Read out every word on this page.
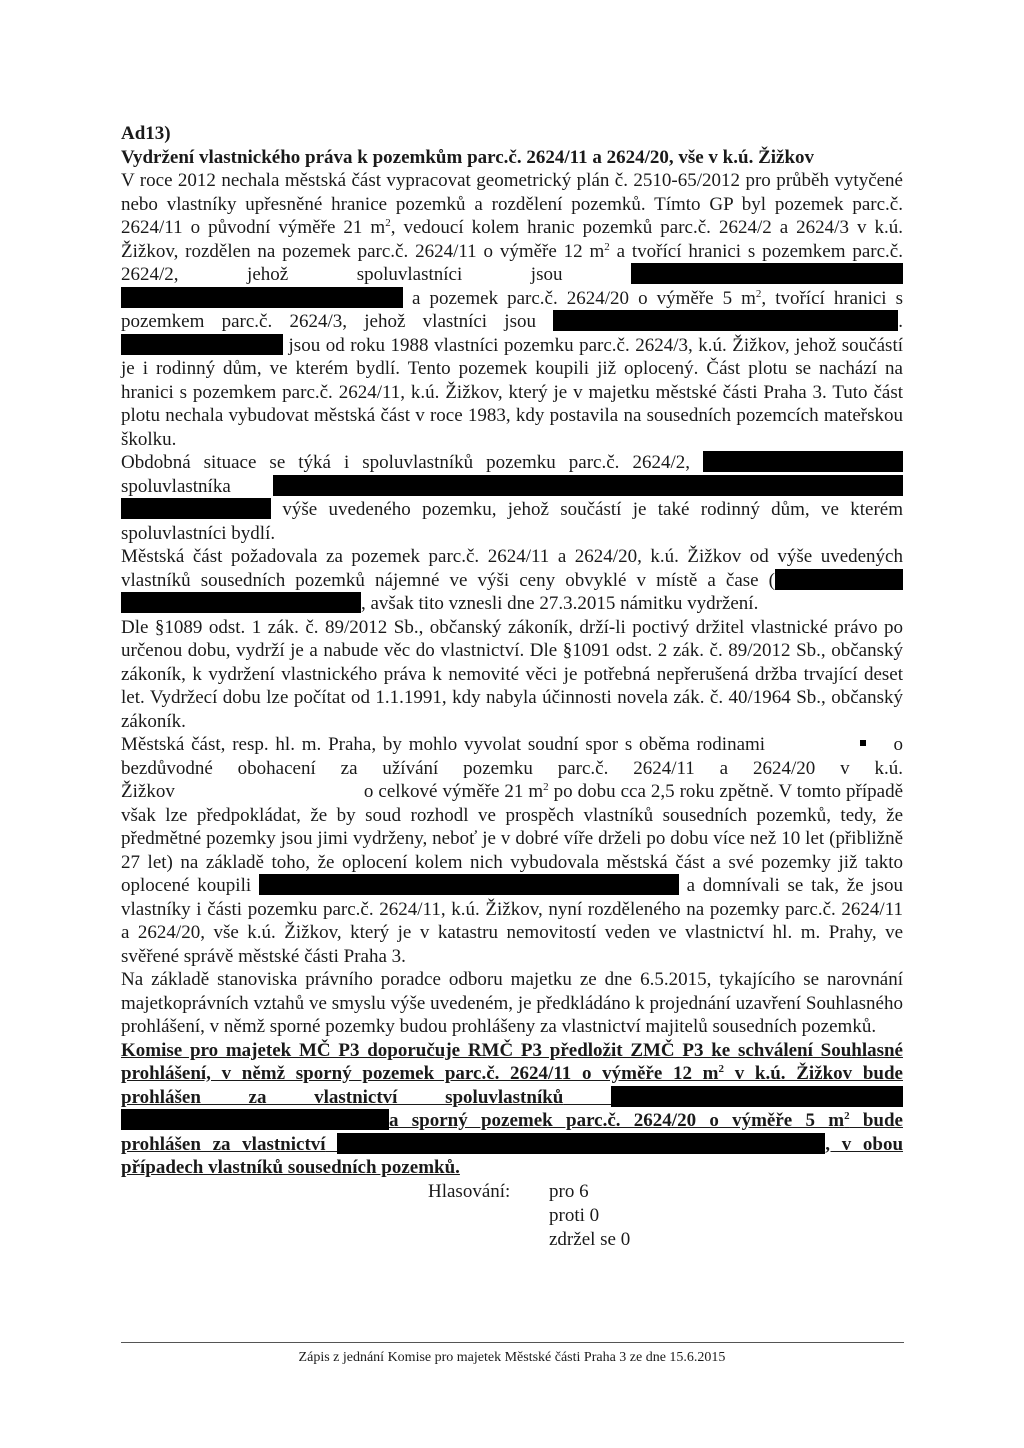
Ad13)

Vydržení vlastnického práva k pozemkům parc.č. 2624/11 a 2624/20, vše v k.ú. Žižkov

V roce 2012 nechala městská část vypracovat geometrický plán č. 2510-65/2012 pro průběh vytyčené nebo vlastníky upřesněné hranice pozemků a rozdělení pozemků. Tímto GP byl pozemek parc.č. 2624/11 o původní výměře 21 $m^2$, vedoucí kolem hranic pozemků parc.č. 2624/2 a 2624/3 v k.ú. Žižkov, rozdělen na pozemek parc.č. 2624/11 o výměře 12 $m^2$ a tvořící hranici s pozemkem parc.č. 2624/2, jehož spoluvlastníci jsou   a pozemek parc.č. 2624/20 o výměře 5 $m^2$, tvořící hranici s pozemkem parc.č. 2624/3, jehož vlastníci jsou	.  jsou od roku 1988 vlastníci pozemku parc.č. 2624/3, k.ú. Žižkov, jehož součástí je i rodinný dům, ve kterém bydlí. Tento pozemek koupili již oplocený. Část plotu se nachází na hranici s pozemkem parc.č. 2624/11, k.ú. Žižkov, který je v majetku městské části Praha 3. Tuto část plotu nechala vybudovat městská část v roce 1983, kdy postavila na sousedních pozemcích mateřskou školku.

Obdobná situace se týká i spoluvlastníků pozemku parc.č. 2624/2,  spoluvlastníka   výše uvedeného pozemku, jehož součástí je také rodinný dům, ve kterém spoluvlastníci bydlí.

Městská část požadovala za pozemek parc.č. 2624/11 a 2624/20, k.ú. Žižkov od výše uvedených vlastníků sousedních pozemků nájemné ve výši ceny obvyklé v místě a čase ( , avšak tito vznesli dne 27.3.2015 námitku vydržení.

Dle §1089 odst. 1 zák. č. 89/2012 Sb., občanský zákoník, drží-li poctivý držitel vlastnické právo po určenou dobu, vydrží je a nabude věc do vlastnictví. Dle §1091 odst. 2 zák. č. 89/2012 Sb., občanský zákoník, k vydržení vlastnického práva k nemovité věci je potřebná nepřerušená držba trvající deset let. Vydržecí dobu lze počítat od 1.1.1991, kdy nabyla účinnosti novela zák. č. 40/1964 Sb., občanský zákoník.

Městská část, resp. hl. m. Praha, by mohlo vyvolat soudní spor s oběma rodinami	o bezdůvodné obohacení za užívání pozemku parc.č. 2624/11 a 2624/20 v k.ú. Žižkov	o celkové výměře 21 $m^2$ po dobu cca 2,5 roku zpětně. V tomto případě však lze předpokládat, že by soud rozhodl ve prospěch vlastníků sousedních pozemků, tedy, že předmětné pozemky jsou jimi vydrženy, neboť je v dobré víře drželi po dobu více než 10 let (přibližně 27 let) na základě toho, že oplocení kolem nich vybudovala městská část a své pozemky již takto oplocené koupili	a domnívali se tak, že jsou vlastníky i části pozemku parc.č. 2624/11, k.ú. Žižkov, nyní rozděleného na pozemky parc.č. 2624/11 a 2624/20, vše k.ú. Žižkov, který je v katastru nemovitostí veden ve vlastnictví hl. m. Prahy, ve svěřené správě městské části Praha 3.

Na základě stanoviska právního poradce odboru majetku ze dne 6.5.2015, tykajícího se narovnání majetkoprávních vztahů ve smyslu výše uvedeném, je předkládáno k projednání uzavření Souhlasného prohlášení, v němž sporné pozemky budou prohlášeny za vlastnictví majitelů sousedních pozemků.

Komise pro majetek MČ P3 doporučuje RMČ P3 předložit ZMČ P3 ke schválení Souhlasné prohlášení, v němž sporný pozemek parc.č. 2624/11 o výměře 12 $m^2$ v k.ú. Žižkov bude prohlášen za vlastnictví spoluvlastníků  a sporný pozemek parc.č. 2624/20 o výměře 5 $m^2$ bude prohlášen za vlastnictví	, v obou případech vlastníků sousedních pozemků.

Hlasování: pro 6
proti 0
zdržel se 0
Zápis z jednání Komise pro majetek Městské části Praha 3 ze dne 15.6.2015
